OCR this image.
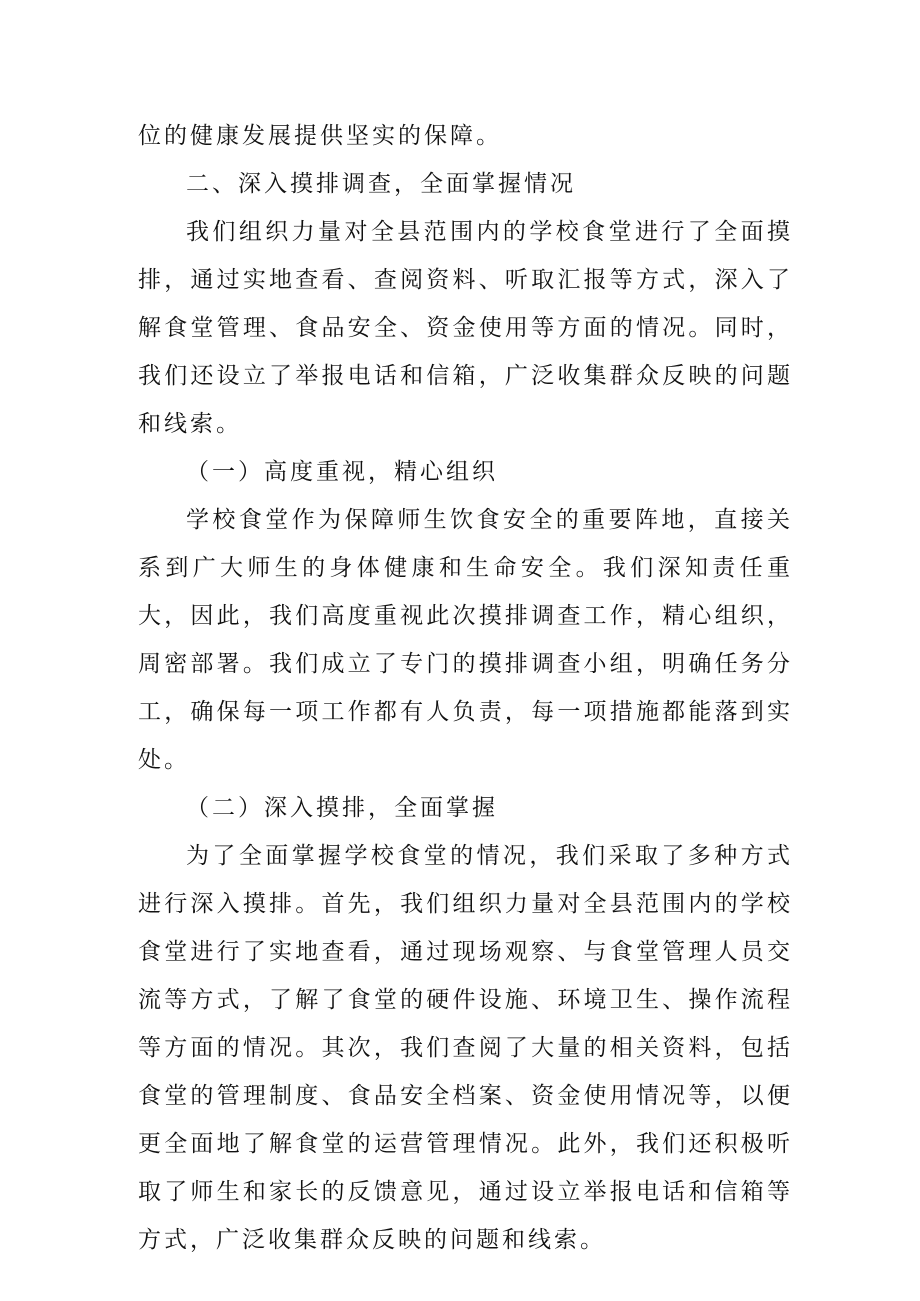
位的健康发展提供坚实的保障。

二、深入摸排调查，全面掌握情况

我们组织力量对全县范围内的学校食堂进行了全面摸排，通过实地查看、查阅资料、听取汇报等方式，深入了解食堂管理、食品安全、资金使用等方面的情况。同时，我们还设立了举报电话和信箱，广泛收集群众反映的问题和线索。

（一）高度重视，精心组织

学校食堂作为保障师生饮食安全的重要阵地，直接关系到广大师生的身体健康和生命安全。我们深知责任重大，因此，我们高度重视此次摸排调查工作，精心组织，周密部署。我们成立了专门的摸排调查小组，明确任务分工，确保每一项工作都有人负责，每一项措施都能落到实处。

（二）深入摸排，全面掌握

为了全面掌握学校食堂的情况，我们采取了多种方式进行深入摸排。首先，我们组织力量对全县范围内的学校食堂进行了实地查看，通过现场观察、与食堂管理人员交流等方式，了解了食堂的硬件设施、环境卫生、操作流程等方面的情况。其次，我们查阅了大量的相关资料，包括食堂的管理制度、食品安全档案、资金使用情况等，以便更全面地了解食堂的运营管理情况。此外，我们还积极听取了师生和家长的反馈意见，通过设立举报电话和信箱等方式，广泛收集群众反映的问题和线索。
